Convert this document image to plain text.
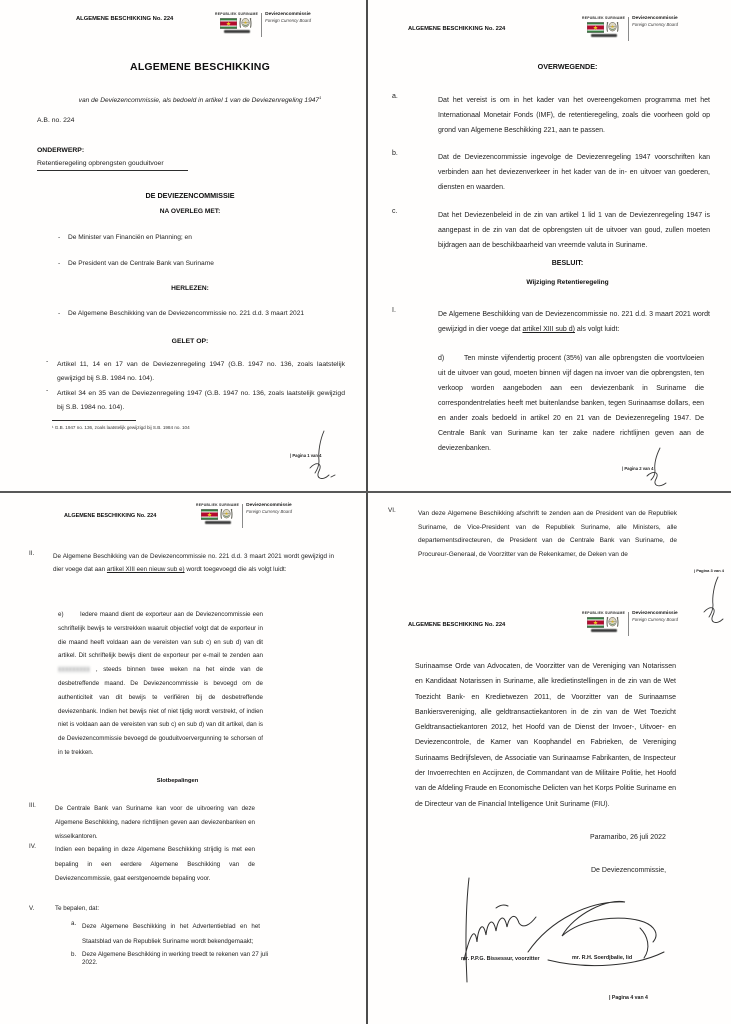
ALGEMENE BESCHIKKING No. 224
REPUBLIEK SURINAME Deviezencommissie
Foreign Currency Board
ALGEMENE BESCHIKKING
van de Deviezencommissie, als bedoeld in artikel 1 van de Deviezenregeling 1947$^1$
A.B. no. 224
ONDERWERP:
Retentieregeling opbrengsten gouduitvoer
DE DEVIEZENCOMMISSIE
NA OVERLEG MET:
- De Minister van Financiën en Planning; en
- De President van de Centrale Bank van Suriname
HERLEZEN:
- De Algemene Beschikking van de Deviezencommissie no. 221 d.d. 3 maart 2021
GELET OP:
- Artikel 11, 14 en 17 van de Deviezenregeling 1947 (G.B. 1947 no. 136, zoals laatstelijk gewijzigd bij S.B. 1984 no. 104).
- Artikel 34 en 35 van de Deviezenregeling 1947 (G.B. 1947 no. 136, zoals laatstelijk gewijzigd bij S.B. 1984 no. 104).
¹ G.B. 1947 no. 136, zoals laatstelijk gewijzigd bij S.B. 1984 no. 104
| Pagina 1 van 4
ALGEMENE BESCHIKKING No. 224
REPUBLIEK SURINAME Deviezencommissie
Foreign Currency Board
OVERWEGENDE:
a.
Dat het vereist is om in het kader van het overeengekomen programma met het Internationaal Monetair Fonds (IMF), de retentieregeling, zoals die voorheen gold op grond van Algemene Beschikking 221, aan te passen.
b.
Dat de Deviezencommissie ingevolge de Deviezenregeling 1947 voorschriften kan verbinden aan het deviezenverkeer in het kader van de in- en uitvoer van goederen, diensten en waarden.
c.
Dat het Deviezenbeleid in de zin van artikel 1 lid 1 van de Deviezenregeling 1947 is aangepast in de zin van dat de opbrengsten uit de uitvoer van goud, zullen moeten bijdragen aan de beschikbaarheid van vreemde valuta in Suriname.
BESLUIT:
Wijziging Retentieregeling
I.
De Algemene Beschikking van de Deviezencommissie no. 221 d.d. 3 maart 2021 wordt gewijzigd in dier voege dat artikel XIII sub d) als volgt luidt:
d)	Ten minste vijfendertig procent (35%) van alle opbrengsten die voortvloeien uit de uitvoer van goud, moeten binnen vijf dagen na invoer van die opbrengsten, ten verkoop worden aangeboden aan een deviezenbank in Suriname die correspondentrelaties heeft met buitenlandse banken, tegen Surinaamse dollars, een en ander zoals bedoeld in artikel 20 en 21 van de Deviezenregeling 1947. De Centrale Bank van Suriname kan ter zake nadere richtlijnen geven aan de deviezenbanken.
| Pagina 2 van 4
ALGEMENE BESCHIKKING No. 224
REPUBLIEK SURINAME Deviezencommissie
Foreign Currency Board
II.	De Algemene Beschikking van de Deviezencommissie no. 221 d.d. 3 maart 2021 wordt gewijzigd in dier voege dat aan artikel XIII een nieuw sub e) wordt toegevoegd die als volgt luidt:
e)	Iedere maand dient de exporteur aan de Deviezencommissie een schriftelijk bewijs te verstrekken waaruit objectief volgt dat de exporteur in die maand heeft voldaan aan de vereisten van sub c) en sub d) van dit artikel. Dit schriftelijk bewijs dient de exporteur per e-mail te zenden aan xxxxxxxxx , steeds binnen twee weken na het einde van de desbetreffende maand. De Deviezencommissie is bevoegd om de authenticiteit van dit bewijs te verifiëren bij de desbetreffende deviezenbank. Indien het bewijs niet of niet tijdig wordt verstrekt, of indien niet is voldaan aan de vereisten van sub c) en sub d) van dit artikel, dan is de Deviezencommissie bevoegd de gouduitvoervergunning te schorsen of in te trekken.
Slotbepalingen
III.	De Centrale Bank van Suriname kan voor de uitvoering van deze Algemene Beschikking, nadere richtlijnen geven aan deviezenbanken en wisselkantoren.
IV.	Indien een bepaling in deze Algemene Beschikking strijdig is met een bepaling in een eerdere Algemene Beschikking van de Deviezencommissie, gaat eerstgenoemde bepaling voor.
V.	Te bepalen, dat:
a. Deze Algemene Beschikking in het Advertentieblad en het Staatsblad van de Republiek Suriname wordt bekendgemaakt;
b. Deze Algemene Beschikking in werking treedt te rekenen van 27 juli 2022.
VI.	Van deze Algemene Beschikking afschrift te zenden aan de President van de Republiek Suriname, de Vice-President van de Republiek Suriname, alle Ministers, alle departementsdirecteuren, de President van de Centrale Bank van Suriname, de Procureur-Generaal, de Voorzitter van de Rekenkamer, de Deken van de
| Pagina 3 van 4
ALGEMENE BESCHIKKING No. 224
REPUBLIEK SURINAME Deviezencommissie
Foreign Currency Board
Surinaamse Orde van Advocaten, de Voorzitter van de Vereniging van Notarissen en Kandidaat Notarissen in Suriname, alle kredietinstellingen in de zin van de Wet Toezicht Bank- en Kredietwezen 2011, de Voorzitter van de Surinaamse Bankiersvereniging, alle geldtransactiekantoren in de zin van de Wet Toezicht Geldtransactiekantoren 2012, het Hoofd van de Dienst der Invoer-, Uitvoer- en Deviezencontrole, de Kamer van Koophandel en Fabrieken, de Vereniging Surinaams Bedrijfsleven, de Associatie van Surinaamse Fabrikanten, de Inspecteur der Invoerrechten en Accijnzen, de Commandant van de Militaire Politie, het Hoofd van de Afdeling Fraude en Economische Delicten van het Korps Politie Suriname en de Directeur van de Financial Intelligence Unit Suriname (FIU).
Paramaribo, 26 juli 2022
De Deviezencommissie,
mr. P.P.G. Bissessur, voorzitter	mr. R.H. Soerdjbalie, lid
| Pagina 4 van 4
